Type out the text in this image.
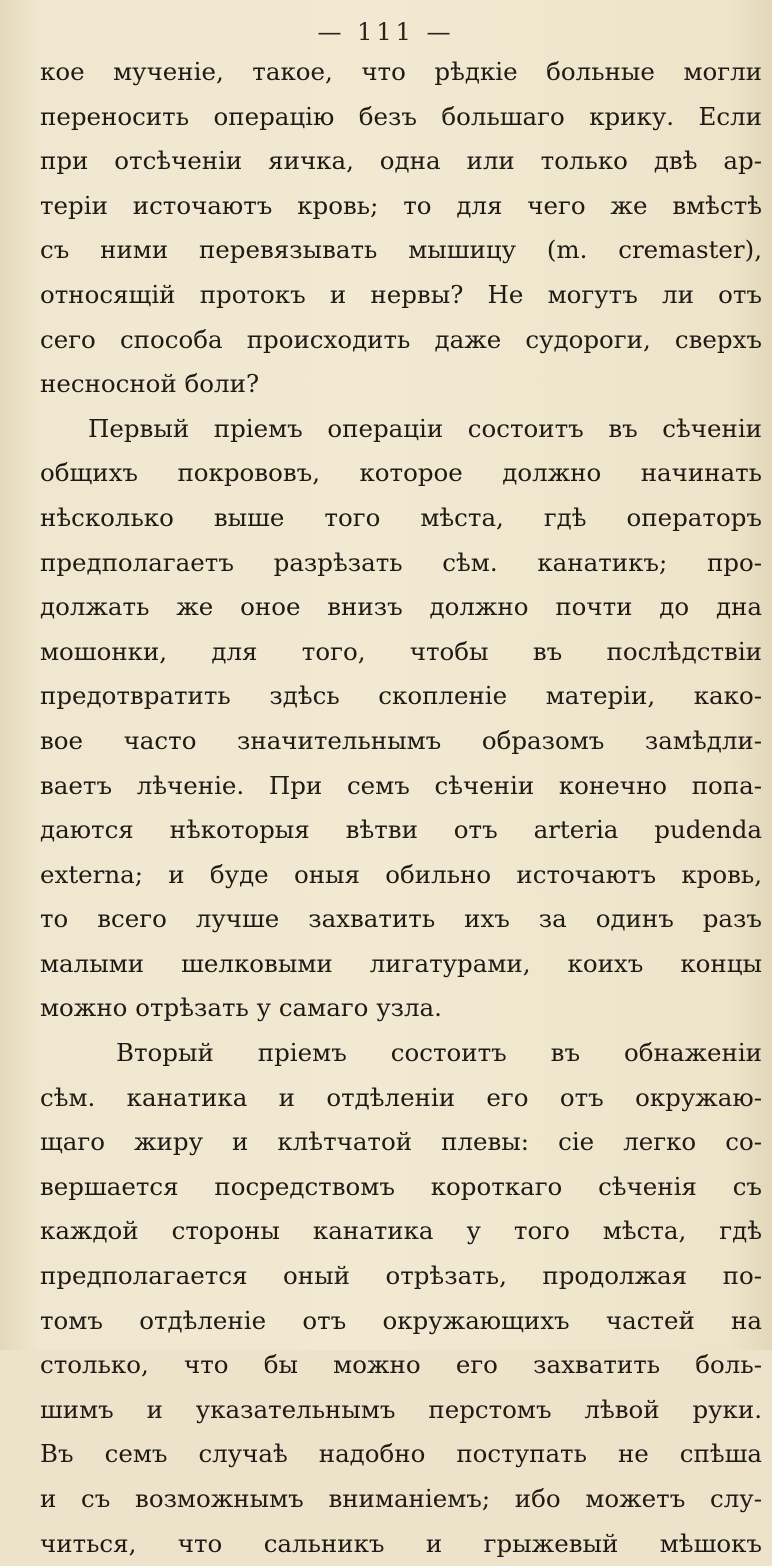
— 111 —
кое мученіе, такое, что рѣдкіе больные могли
переносить операцію безъ большаго крику. Если
при отсѣченіи яичка, одна или только двѣ ар-
теріи источаютъ кровь; то для чего же вмѣстѣ
съ ними перевязывать мышицу (m. cremaster),
относящій протокъ и нервы? Не могутъ ли отъ
сего способа происходить даже судороги, сверхъ
несносной боли?
Первый пріемъ операціи состоитъ въ сѣченіи
общихъ покрововъ, которое должно начинать
нѣсколько выше того мѣста, гдѣ операторъ
предполагаетъ разрѣзать сѣм. канатикъ; про-
должать же оное внизъ должно почти до дна
мошонки, для того, чтобы въ послѣдствіи
предотвратить здѣсь скопленіе матеріи, како-
вое часто значительнымъ образомъ замѣдли-
ваетъ лѣченіе. При семъ сѣченіи конечно попа-
даются нѣкоторыя вѣтви отъ arteria pudenda
externa; и буде оныя обильно источаютъ кровь,
то всего лучше захватить ихъ за одинъ разъ
малыми шелковыми лигатурами, коихъ концы
можно отрѣзать у самаго узла.
Вторый пріемъ состоитъ въ обнаженіи
сѣм. канатика и отдѣленіи его отъ окружаю-
щаго жиру и клѣтчатой плевы: сіе легко со-
вершается посредствомъ короткаго сѣченія съ
каждой стороны канатика у того мѣста, гдѣ
предполагается оный отрѣзать, продолжая по-
томъ отдѣленіе отъ окружающихъ частей на
столько, что бы можно его захватить боль-
шимъ и указательнымъ перстомъ лѣвой руки.
Въ семъ случаѣ надобно поступать не спѣша
и съ возможнымъ вниманіемъ; ибо можетъ слу-
читься, что сальникъ и грыжевый мѣшокъ
